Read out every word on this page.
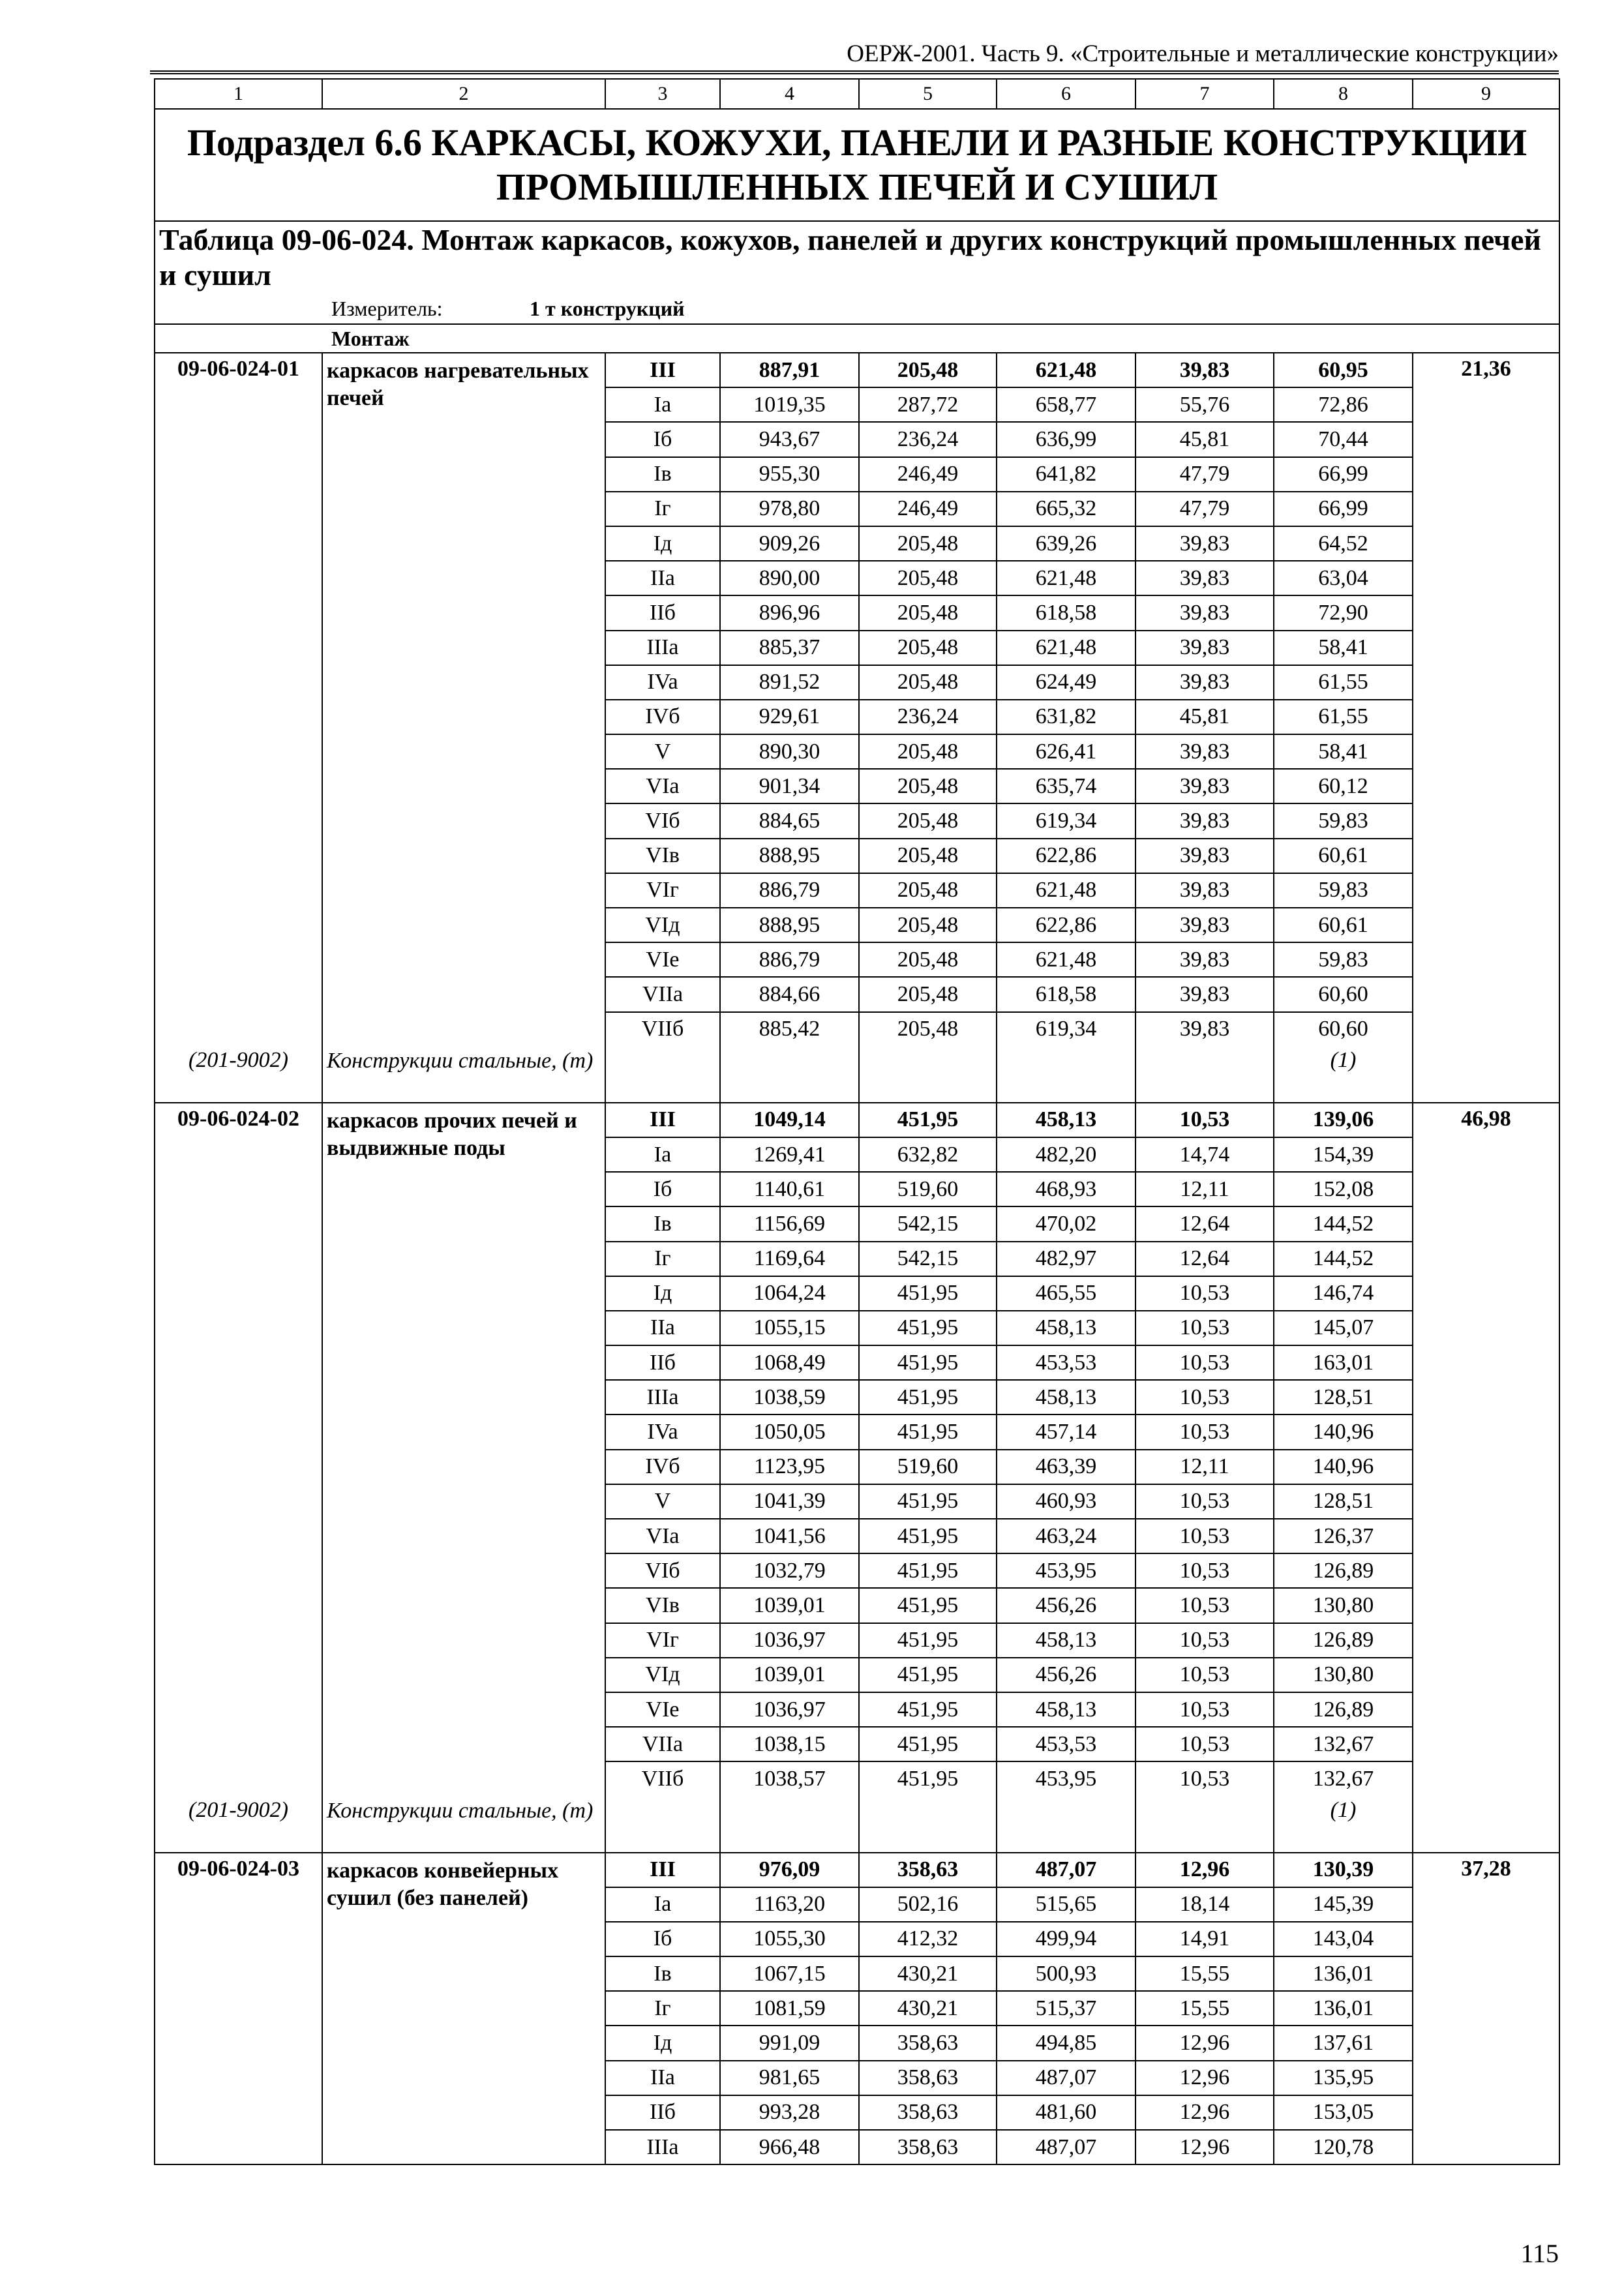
ОЕРЖ-2001. Часть 9. «Строительные и металлические конструкции»
1	2	3	4	5	6	7	8	9
Подраздел 6.6 КАРКАСЫ, КОЖУХИ, ПАНЕЛИ И РАЗНЫЕ КОНСТРУКЦИИ ПРОМЫШЛЕННЫХ ПЕЧЕЙ И СУШИЛ								
Таблица 09-06-024. Монтаж каркасов, кожухов, панелей и других конструкций промышленных печей и сушил								
Измеритель: 1 т конструкций								
Монтаж								
09-06-024-01	каркасов нагревательных печей	III	887,91	205,48	621,48	39,83	60,95	21,36
		Ia	1019,35	287,72	658,77	55,76	72,86	
		Iб	943,67	236,24	636,99	45,81	70,44	
		Iв	955,30	246,49	641,82	47,79	66,99	
		Iг	978,80	246,49	665,32	47,79	66,99	
		Iд	909,26	205,48	639,26	39,83	64,52	
		IIa	890,00	205,48	621,48	39,83	63,04	
		IIб	896,96	205,48	618,58	39,83	72,90	
		IIIa	885,37	205,48	621,48	39,83	58,41	
		IVa	891,52	205,48	624,49	39,83	61,55	
		IVб	929,61	236,24	631,82	45,81	61,55	
		V	890,30	205,48	626,41	39,83	58,41	
		VIa	901,34	205,48	635,74	39,83	60,12	
		VIб	884,65	205,48	619,34	39,83	59,83	
		VIв	888,95	205,48	622,86	39,83	60,61	
		VIг	886,79	205,48	621,48	39,83	59,83	
		VIд	888,95	205,48	622,86	39,83	60,61	
		VIe	886,79	205,48	621,48	39,83	59,83	
		VIIa	884,66	205,48	618,58	39,83	60,60	
		VIIб	885,42	205,48	619,34	39,83	60,60	
(201-9002)	Конструкции стальные, (т)						(1)	
09-06-024-02	каркасов прочих печей и выдвижные поды	III	1049,14	451,95	458,13	10,53	139,06	46,98
		Ia	1269,41	632,82	482,20	14,74	154,39	
		Iб	1140,61	519,60	468,93	12,11	152,08	
		Iв	1156,69	542,15	470,02	12,64	144,52	
		Iг	1169,64	542,15	482,97	12,64	144,52	
		Iд	1064,24	451,95	465,55	10,53	146,74	
		IIa	1055,15	451,95	458,13	10,53	145,07	
		IIб	1068,49	451,95	453,53	10,53	163,01	
		IIIa	1038,59	451,95	458,13	10,53	128,51	
		IVa	1050,05	451,95	457,14	10,53	140,96	
		IVб	1123,95	519,60	463,39	12,11	140,96	
		V	1041,39	451,95	460,93	10,53	128,51	
		VIa	1041,56	451,95	463,24	10,53	126,37	
		VIб	1032,79	451,95	453,95	10,53	126,89	
		VIв	1039,01	451,95	456,26	10,53	130,80	
		VIг	1036,97	451,95	458,13	10,53	126,89	
		VIд	1039,01	451,95	456,26	10,53	130,80	
		VIe	1036,97	451,95	458,13	10,53	126,89	
		VIIa	1038,15	451,95	453,53	10,53	132,67	
		VIIб	1038,57	451,95	453,95	10,53	132,67	
(201-9002)	Конструкции стальные, (т)						(1)	
09-06-024-03	каркасов конвейерных сушил (без панелей)	III	976,09	358,63	487,07	12,96	130,39	37,28
		Ia	1163,20	502,16	515,65	18,14	145,39	
		Iб	1055,30	412,32	499,94	14,91	143,04	
		Iв	1067,15	430,21	500,93	15,55	136,01	
		Iг	1081,59	430,21	515,37	15,55	136,01	
		Iд	991,09	358,63	494,85	12,96	137,61	
		IIa	981,65	358,63	487,07	12,96	135,95	
		IIб	993,28	358,63	481,60	12,96	153,05	
		IIIa	966,48	358,63	487,07	12,96	120,78	
115
